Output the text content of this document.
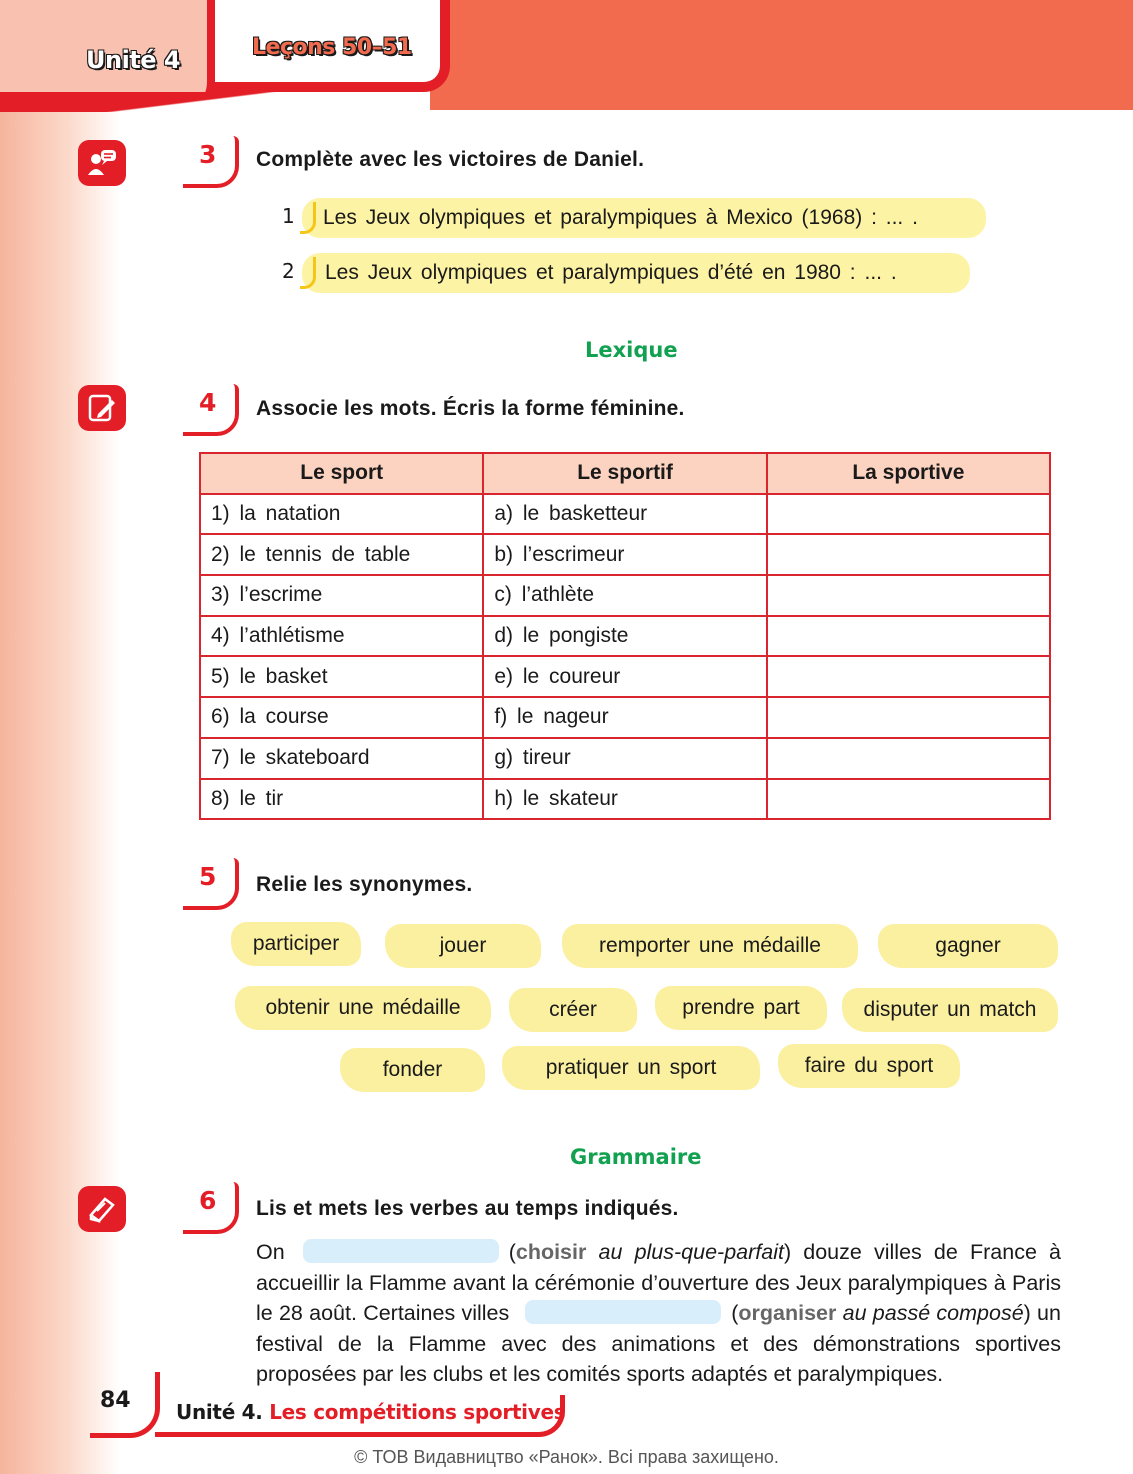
Unité 4	Leçons 50–51
3 Complète avec les victoires de Daniel.
1 Les Jeux olympiques et paralympiques à Mexico (1968) : ... .
2 Les Jeux olympiques et paralympiques d’été en 1980 : ... .
Lexique
4 Associe les mots. Écris la forme féminine.
Le sport	Le sportif	La sportive
1) la natation	a) le basketteur	
2) le tennis de table	b) l’escrimeur	
3) l’escrime	c) l’athlète	
4) l’athlétisme	d) le pongiste	
5) le basket	e) le coureur	
6) la course	f) le nageur	
7) le skateboard	g) tireur	
8) le tir	h) le skateur	
5 Relie les synonymes.
participer	jouer	remporter une médaille	gagner
obtenir une médaille	créer	prendre part	disputer un match
fonder	pratiquer un sport	faire du sport
Grammaire
6 Lis et mets les verbes au temps indiqués.
On	(choisir au plus-que-parfait) douze villes de France à accueillir la Flamme avant la cérémonie d’ouverture des Jeux paralympiques à Paris le 28 août. Certaines villes	(organiser au passé composé) un festival de la Flamme avec des animations et des démonstrations sportives proposées par les clubs et les comités sports adaptés et paralympiques.
84 Unité 4. Les compétitions sportives
© ТОВ Видавництво «Ранок». Всі права захищено.
